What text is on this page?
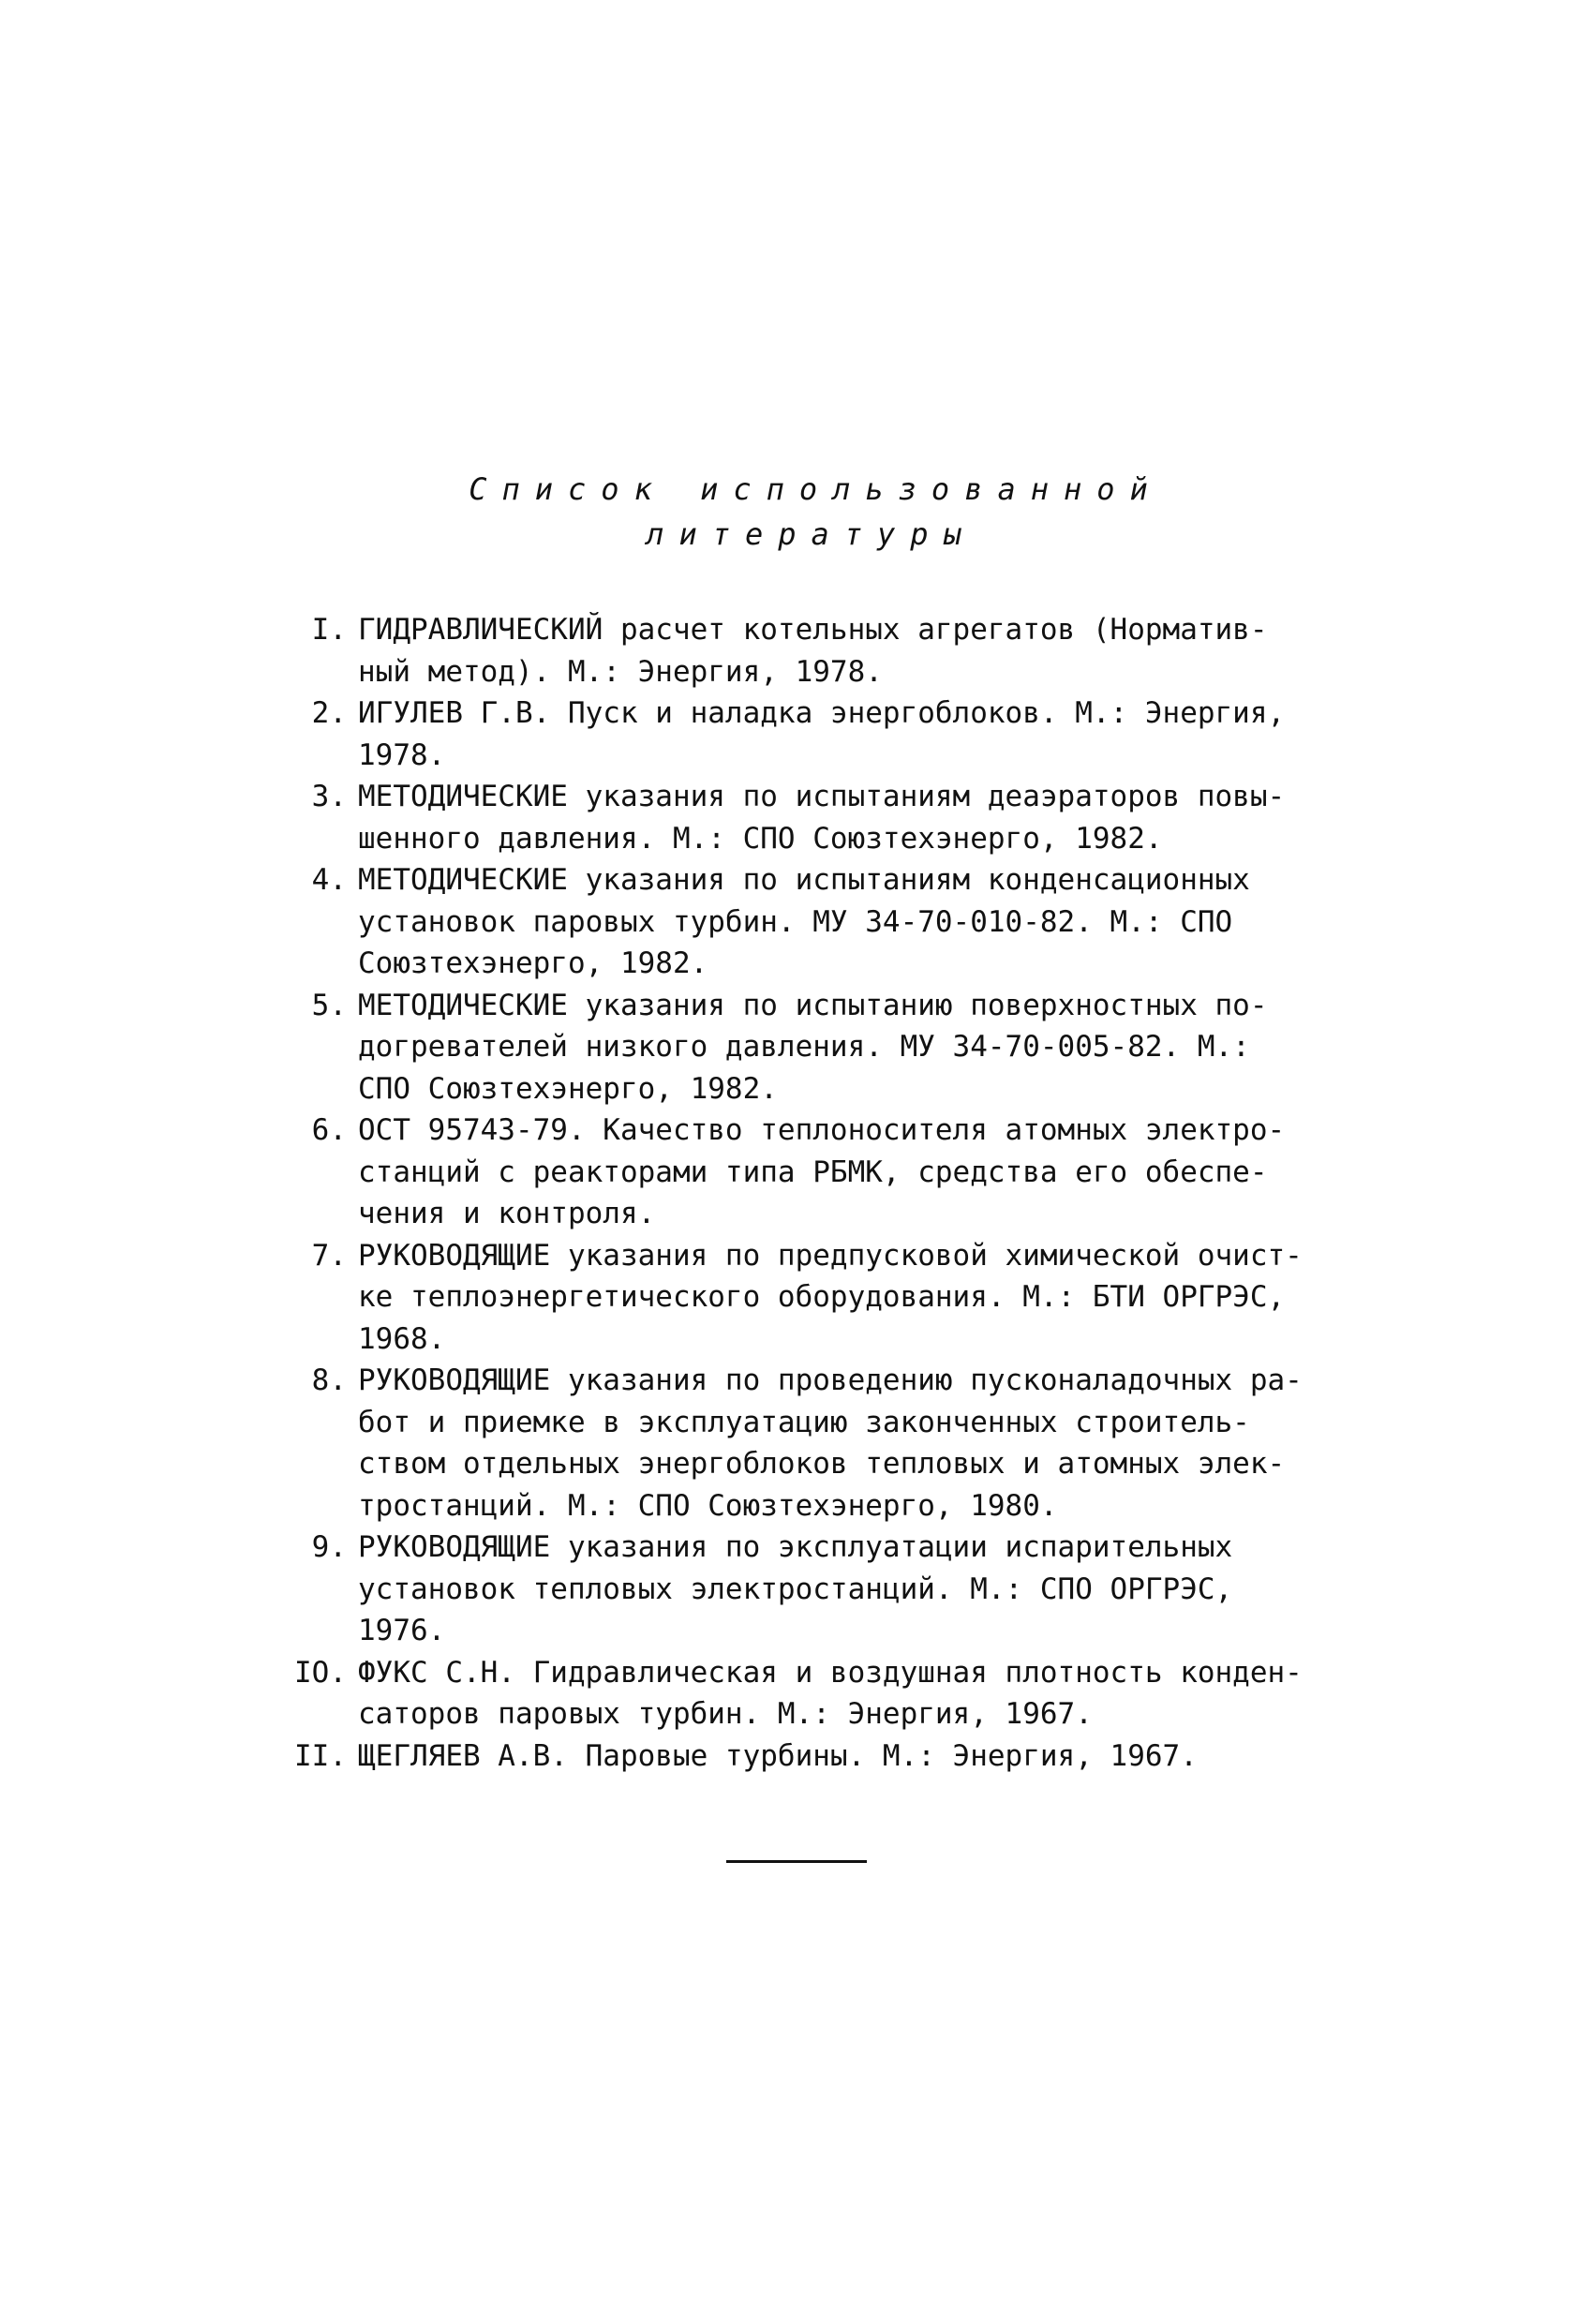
Список использованной
литературы
I. ГИДРАВЛИЧЕСКИЙ расчет котельных агрегатов (Норматив-
ный метод). М.: Энергия, 1978.
2. ИГУЛЕВ Г.В. Пуск и наладка энергоблоков. М.: Энергия,
1978.
3. МЕТОДИЧЕСКИЕ указания по испытаниям деаэраторов повы-
шенного давления. М.: СПО Союзтехэнерго, 1982.
4. МЕТОДИЧЕСКИЕ указания по испытаниям конденсационных
установок паровых турбин. МУ 34-70-010-82. М.: СПО
Союзтехэнерго, 1982.
5. МЕТОДИЧЕСКИЕ указания по испытанию поверхностных по-
догревателей низкого давления. МУ 34-70-005-82. М.:
СПО Союзтехэнерго, 1982.
6. ОСТ 95743-79. Качество теплоносителя атомных электро-
станций с реакторами типа РБМК, средства его обеспе-
чения и контроля.
7. РУКОВОДЯЩИЕ указания по предпусковой химической очист-
ке теплоэнергетического оборудования. М.: БТИ ОРГРЭС,
1968.
8. РУКОВОДЯЩИЕ указания по проведению пусконаладочных ра-
бот и приемке в эксплуатацию законченных строитель-
ством отдельных энергоблоков тепловых и атомных элек-
тростанций. М.: СПО Союзтехэнерго, 1980.
9. РУКОВОДЯЩИЕ указания по эксплуатации испарительных
установок тепловых электростанций. М.: СПО ОРГРЭС,
1976.
IO. ФУКС С.Н. Гидравлическая и воздушная плотность конден-
саторов паровых турбин. М.: Энергия, 1967.
II. ЩЕГЛЯЕВ А.В. Паровые турбины. М.: Энергия, 1967.
